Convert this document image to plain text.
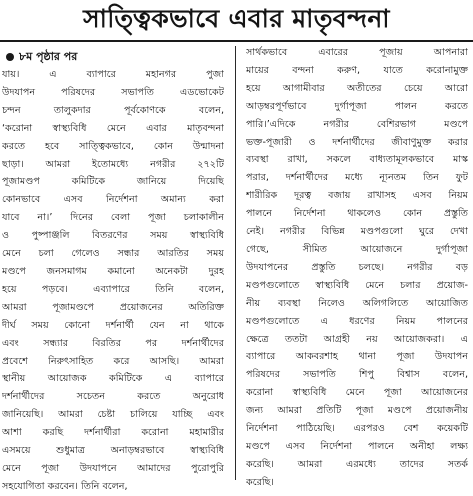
সাত্ত্বিকভাবে এবার মাতৃবন্দনা
৮ম পৃষ্ঠার পর
যায়। এ ব্যাপারে মহানগর পুজা
উদযাপন পরিষদের সভাপতি এডভোকেট
চন্দন তালুকদার পূর্বকোণকে বলেন,
‘করোনা স্বাস্থ্যবিধি মেনে এবার মাতৃবন্দনা
করতে হবে সাত্ত্বিকভাবে, কোন উন্মাদনা
ছাড়া। আমরা ইতোমধ্যে নগরীর ২৭২টি
পূজামণ্ডপ কমিটিকে জানিয়ে দিয়েছি
কোনভাবে এসব নির্দেশনা অমান্য করা
যাবে না।’ দিনের বেলা পূজা চলাকালীন
ও পুষ্পাঞ্জলি বিতরণের সময় স্বাস্থ্যবিধি
মেনে চলা গেলেও সন্ধার আরতির সময়
মণ্ডপে জনসমাগম কমানো অনেকটা দুরহ
হয়ে পড়বে। এব্যাপারে তিনি বলেন,
আমরা পূজামণ্ডপে প্রয়োজনের অতিরিক্ত
দীর্ঘ সময় কোনো দর্শনার্থী যেন না থাকে
এবং সন্ধ্যার বিরতির পর দর্শনার্থীদের
প্রবেশে নিরুৎসাহিত করে আসছি। আমরা
স্থানীয় আয়োজক কমিটিকে এ ব্যাপারে
দর্শনার্থীদের সচেতন করতে অনুরোধ
জানিয়েছি। আমরা চেষ্টা চালিয়ে যাচ্ছি এবং
আশা করছি দর্শনার্থীরা করোনা মহামারীর
এসময়ে শুধুমাত্র অনাড়ম্বরভাবে স্বাস্থ্যবিধি
মেনে পূজা উদযাপনে আমাদের পুরোপুরি
সহযোগিতা করবেন। তিনি বলেন,
সার্থকভাবে এবারের পূজায় আপনারা
মায়ের বন্দনা করুণ, যাতে করোনামুক্ত
হয়ে আগামীবার অতীতের চেয়ে আরো
আড়ম্বরপূর্ণভাবে দুর্গাপূজা পালন করতে
পারি।’এদিকে নগরীর বেশিরভাগ মণ্ডপে
ভক্ত-পূজারী ও দর্শনার্থীদের জীবাণুমুক্ত করার
ব্যবস্থা রাখা, সকলে বাধ্যতামূলকভাবে মাস্ক
পরার, দর্শনার্থীদের মধ্যে ন্যূনতম তিন ফুট
শারীরিক দূরত্ব বজায় রাখাসহ এসব নিয়ম
পালনে নির্দেশনা থাকলেও কোন প্রস্তুতি
নেই। নগরীর বিভিন্ন মণ্ডপগুলো ঘুরে দেখা
গেছে, সীমিত আয়োজনে দুর্গাপূজা
উদযাপনের প্রস্তুতি চলছে। নগরীর বড়
মণ্ডপগুলোতে স্বাস্থ্যবিধি মেনে চলার প্রয়োজ-
নীয় ব্যবস্থা নিলেও অলিগলিতে আয়োজিত
মণ্ডপগুলোতে এ ধরণের নিয়ম পালনের
ক্ষেত্রে ততটা আগ্রহী নয় আয়োজকরা। এ
ব্যাপারে আকবরশাহ থানা পূজা উদযাপন
পরিষদের সভাপতি শিপু বিশ্বাস বলেন,
করোনা স্বাস্থ্যবিধি মেনে পূজা আয়োজনের
জন্য আমরা প্রতিটি পূজা মণ্ডপে প্রয়োজনীয়
নির্দেশনা পাঠিয়েছি। এরপরও বেশ কয়েকটি
মণ্ডপে এসব নির্দেশনা পালনে অনীহা লক্ষ্য
করেছি। আমরা এরমধ্যে তাদের সতর্ক
করেছি।
